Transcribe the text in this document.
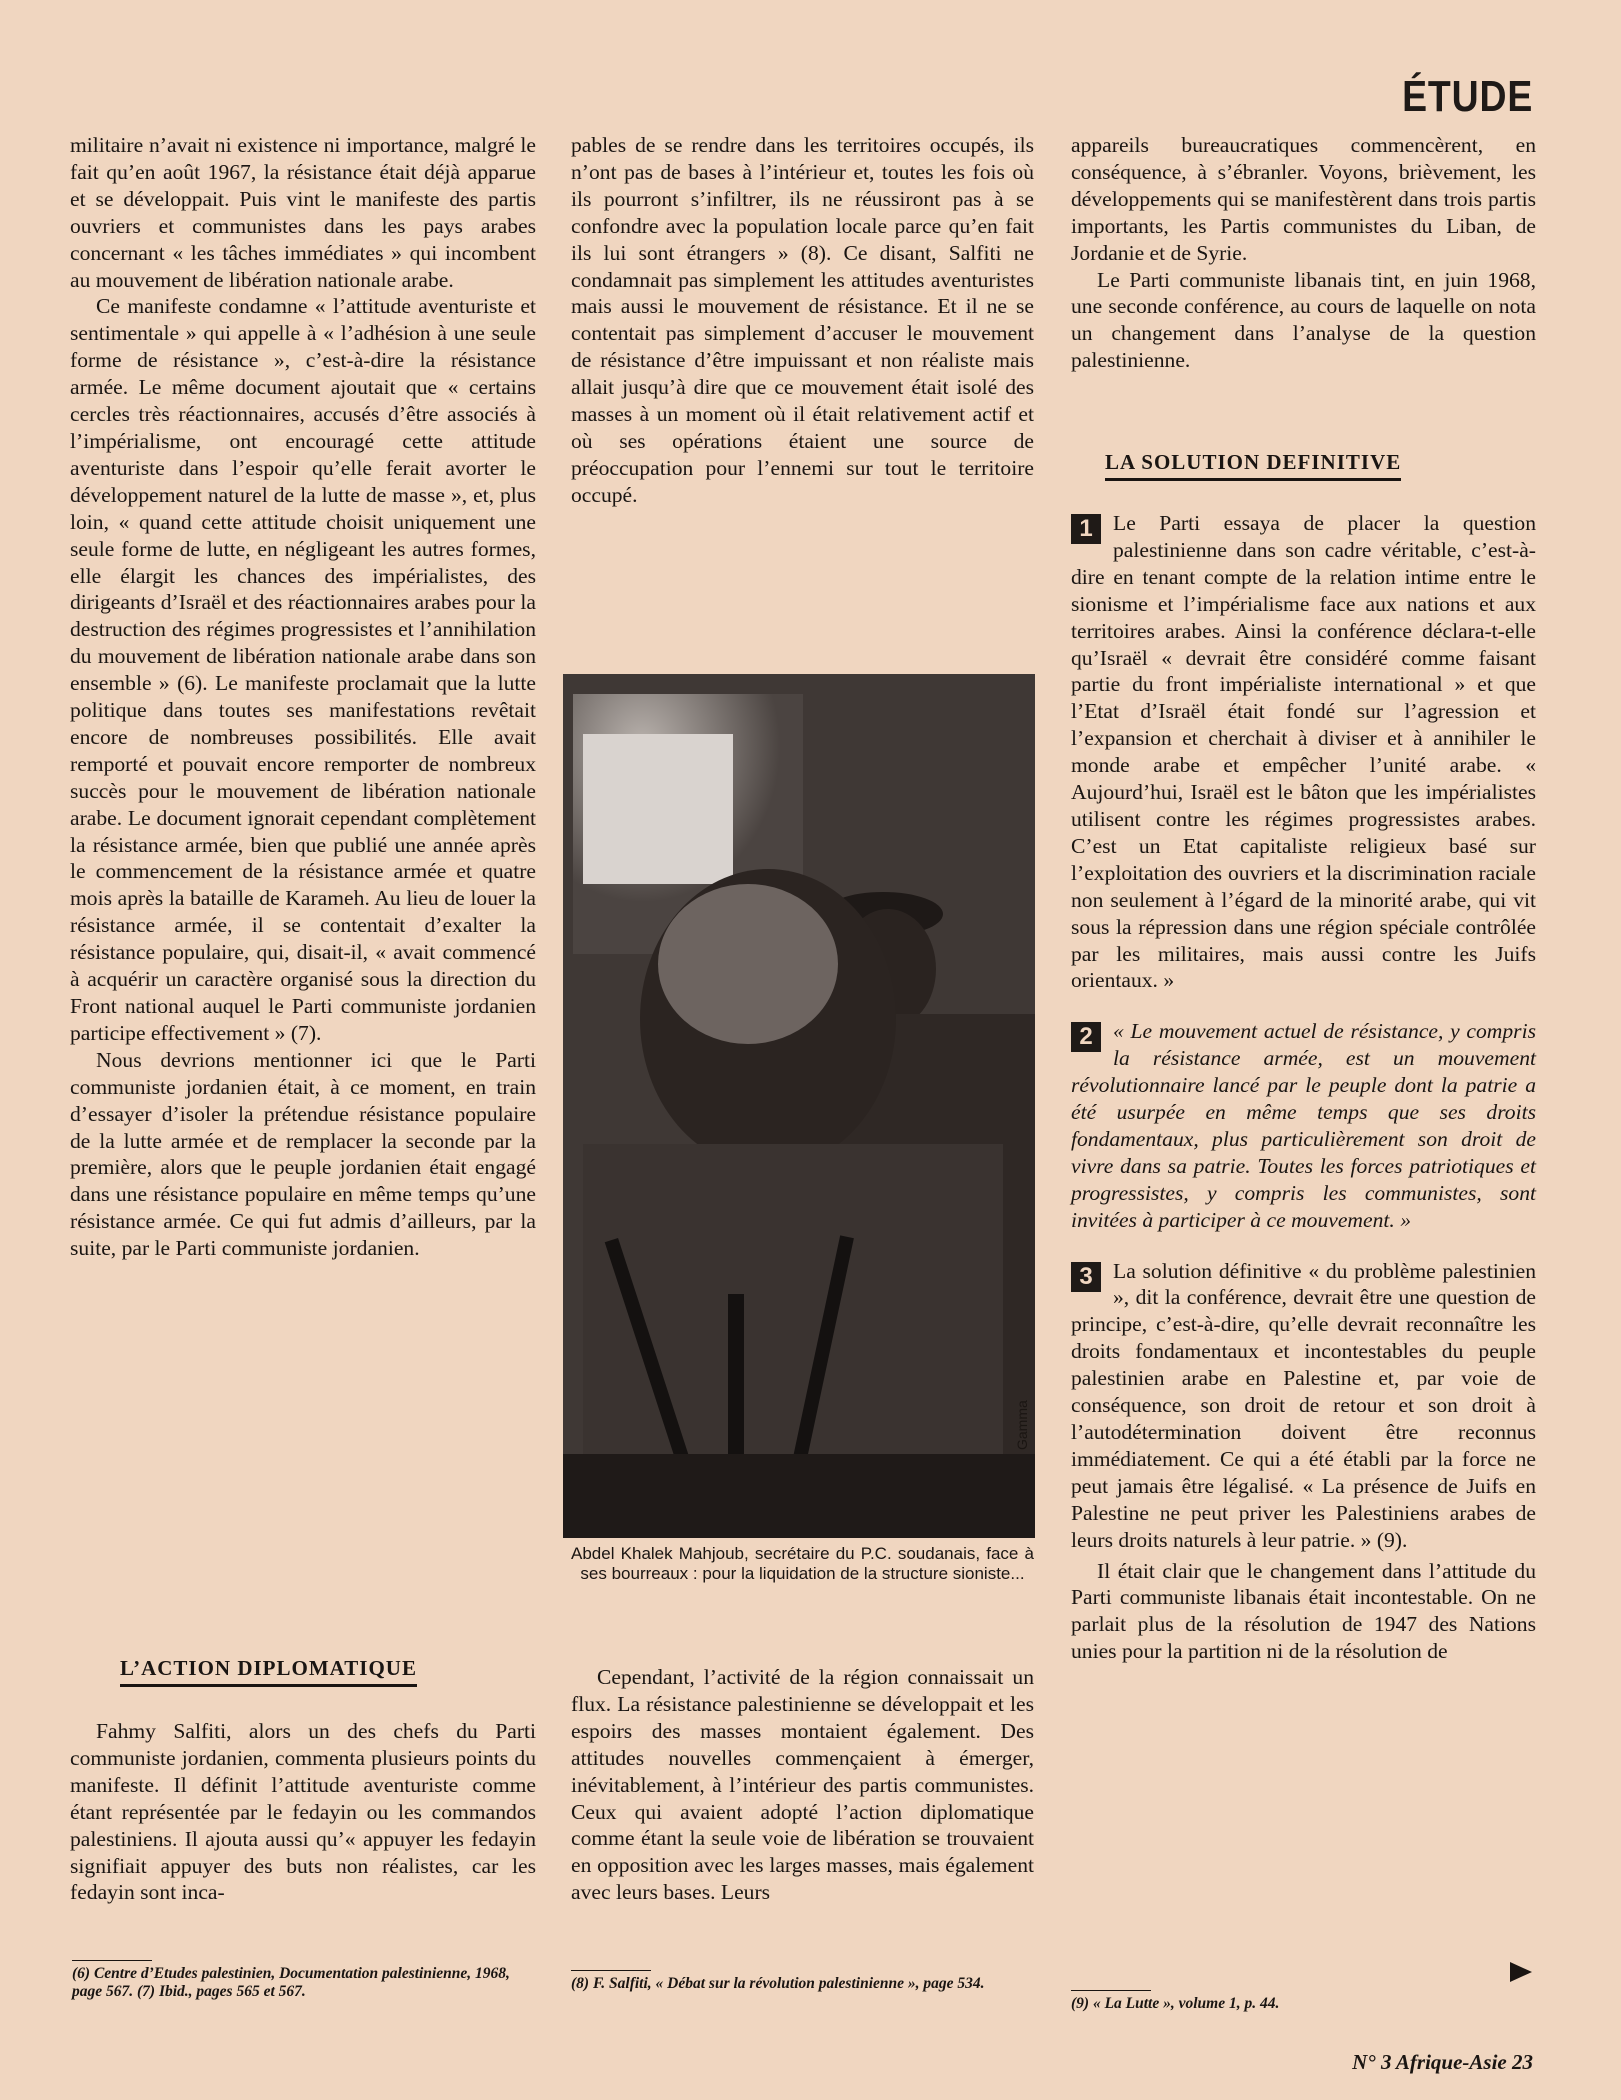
ÉTUDE

militaire n’avait ni existence ni importance, malgré le fait qu’en août 1967, la résistance était déjà apparue et se développait. Puis vint le manifeste des partis ouvriers et communistes dans les pays arabes concernant « les tâches immédiates » qui incombent au mouvement de libération nationale arabe.

Ce manifeste condamne « l’attitude aventuriste et sentimentale » qui appelle à « l’adhésion à une seule forme de résistance », c’est-à-dire la résistance armée. Le même document ajoutait que « certains cercles très réactionnaires, accusés d’être associés à l’impérialisme, ont encouragé cette attitude aventuriste dans l’espoir qu’elle ferait avorter le développement naturel de la lutte de masse », et, plus loin, « quand cette attitude choisit uniquement une seule forme de lutte, en négligeant les autres formes, elle élargit les chances des impérialistes, des dirigeants d’Israël et des réactionnaires arabes pour la destruction des régimes progressistes et l’annihilation du mouvement de libération nationale arabe dans son ensemble » (6). Le manifeste proclamait que la lutte politique dans toutes ses manifestations revêtait encore de nombreuses possibilités. Elle avait remporté et pouvait encore remporter de nombreux succès pour le mouvement de libération nationale arabe. Le document ignorait cependant complètement la résistance armée, bien que publié une année après le commencement de la résistance armée et quatre mois après la bataille de Karameh. Au lieu de louer la résistance armée, il se contentait d’exalter la résistance populaire, qui, disait-il, « avait commencé à acquérir un caractère organisé sous la direction du Front national auquel le Parti communiste jordanien participe effectivement » (7).

Nous devrions mentionner ici que le Parti communiste jordanien était, à ce moment, en train d’essayer d’isoler la prétendue résistance populaire de la lutte armée et de remplacer la seconde par la première, alors que le peuple jordanien était engagé dans une résistance populaire en même temps qu’une résistance armée. Ce qui fut admis d’ailleurs, par la suite, par le Parti communiste jordanien.

L’ACTION DIPLOMATIQUE

Fahmy Salfiti, alors un des chefs du Parti communiste jordanien, commenta plusieurs points du manifeste. Il définit l’attitude aventuriste comme étant représentée par le fedayin ou les commandos palestiniens. Il ajouta aussi qu’« appuyer les fedayin signifiait appuyer des buts non réalistes, car les fedayin sont inca-

(6) Centre d’Etudes palestinien, Documentation palestinienne, 1968, page 567. (7) Ibid., pages 565 et 567.

pables de se rendre dans les territoires occupés, ils n’ont pas de bases à l’intérieur et, toutes les fois où ils pourront s’infiltrer, ils ne réussiront pas à se confondre avec la population locale parce qu’en fait ils lui sont étrangers » (8). Ce disant, Salfiti ne condamnait pas simplement les attitudes aventuristes mais aussi le mouvement de résistance. Et il ne se contentait pas simplement d’accuser le mouvement de résistance d’être impuissant et non réaliste mais allait jusqu’à dire que ce mouvement était isolé des masses à un moment où il était relativement actif et où ses opérations étaient une source de préoccupation pour l’ennemi sur tout le territoire occupé.

Gamma
Abdel Khalek Mahjoub, secrétaire du P.C. soudanais, face à ses bourreaux : pour la liquidation de la structure sioniste...

Cependant, l’activité de la région connaissait un flux. La résistance palestinienne se développait et les espoirs des masses montaient également. Des attitudes nouvelles commençaient à émerger, inévitablement, à l’intérieur des partis communistes. Ceux qui avaient adopté l’action diplomatique comme étant la seule voie de libération se trouvaient en opposition avec les larges masses, mais également avec leurs bases. Leurs

(8) F. Salfiti, « Débat sur la révolution palestinienne », page 534.

appareils bureaucratiques commencèrent, en conséquence, à s’ébranler. Voyons, brièvement, les développements qui se manifestèrent dans trois partis importants, les Partis communistes du Liban, de Jordanie et de Syrie.

Le Parti communiste libanais tint, en juin 1968, une seconde conférence, au cours de laquelle on nota un changement dans l’analyse de la question palestinienne.

LA SOLUTION DEFINITIVE
1 Le Parti essaya de placer la question palestinienne dans son cadre véritable, c’est-à-dire en tenant compte de la relation intime entre le sionisme et l’impérialisme face aux nations et aux territoires arabes. Ainsi la conférence déclara-t-elle qu’Israël « devrait être considéré comme faisant partie du front impérialiste international » et que l’Etat d’Israël était fondé sur l’agression et l’expansion et cherchait à diviser et à annihiler le monde arabe et empêcher l’unité arabe. « Aujourd’hui, Israël est le bâton que les impérialistes utilisent contre les régimes progressistes arabes. C’est un Etat capitaliste religieux basé sur l’exploitation des ouvriers et la discrimination raciale non seulement à l’égard de la minorité arabe, qui vit sous la répression dans une région spéciale contrôlée par les militaires, mais aussi contre les Juifs orientaux. »

2 « Le mouvement actuel de résistance, y compris la résistance armée, est un mouvement révolutionnaire lancé par le peuple dont la patrie a été usurpée en même temps que ses droits fondamentaux, plus particulièrement son droit de vivre dans sa patrie. Toutes les forces patriotiques et progressistes, y compris les communistes, sont invitées à participer à ce mouvement. »

3 La solution définitive « du problème palestinien », dit la conférence, devrait être une question de principe, c’est-à-dire, qu’elle devrait reconnaître les droits fondamentaux et incontestables du peuple palestinien arabe en Palestine et, par voie de conséquence, son droit de retour et son droit à l’autodétermination doivent être reconnus immédiatement. Ce qui a été établi par la force ne peut jamais être légalisé. « La présence de Juifs en Palestine ne peut priver les Palestiniens arabes de leurs droits naturels à leur patrie. » (9).

Il était clair que le changement dans l’attitude du Parti communiste libanais était incontestable. On ne parlait plus de la résolution de 1947 des Nations unies pour la partition ni de la résolution de

(9) « La Lutte », volume 1, p. 44.
N° 3 Afrique-Asie 23
